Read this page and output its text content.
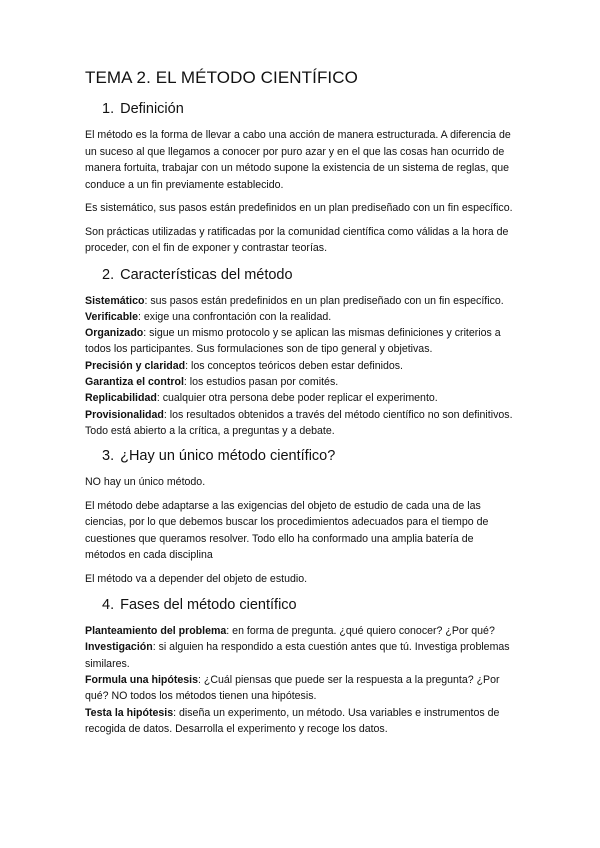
TEMA 2. EL MÉTODO CIENTÍFICO
1. Definición

El método es la forma de llevar a cabo una acción de manera estructurada. A diferencia de un suceso al que llegamos a conocer por puro azar y en el que las cosas han ocurrido de manera fortuita, trabajar con un método supone la existencia de un sistema de reglas, que conduce a un fin previamente establecido.

Es sistemático, sus pasos están predefinidos en un plan prediseñado con un fin específico.

Son prácticas utilizadas y ratificadas por la comunidad científica como válidas a la hora de proceder, con el fin de exponer y contrastar teorías.

2. Características del método
Sistemático: sus pasos están predefinidos en un plan prediseñado con un fin específico.
Verificable: exige una confrontación con la realidad.
Organizado: sigue un mismo protocolo y se aplican las mismas definiciones y criterios a todos los participantes. Sus formulaciones son de tipo general y objetivas.
Precisión y claridad: los conceptos teóricos deben estar definidos.
Garantiza el control: los estudios pasan por comités.
Replicabilidad: cualquier otra persona debe poder replicar el experimento.
Provisionalidad: los resultados obtenidos a través del método científico no son definitivos. Todo está abierto a la crítica, a preguntas y a debate.
3. ¿Hay un único método científico?

NO hay un único método.

El método debe adaptarse a las exigencias del objeto de estudio de cada una de las ciencias, por lo que debemos buscar los procedimientos adecuados para el tiempo de cuestiones que queramos resolver. Todo ello ha conformado una amplia batería de métodos en cada disciplina

El método va a depender del objeto de estudio.

4. Fases del método científico
Planteamiento del problema: en forma de pregunta. ¿qué quiero conocer? ¿Por qué?
Investigación: si alguien ha respondido a esta cuestión antes que tú. Investiga problemas similares.
Formula una hipótesis: ¿Cuál piensas que puede ser la respuesta a la pregunta? ¿Por qué? NO todos los métodos tienen una hipótesis.
Testa la hipótesis: diseña un experimento, un método. Usa variables e instrumentos de recogida de datos. Desarrolla el experimento y recoge los datos.
